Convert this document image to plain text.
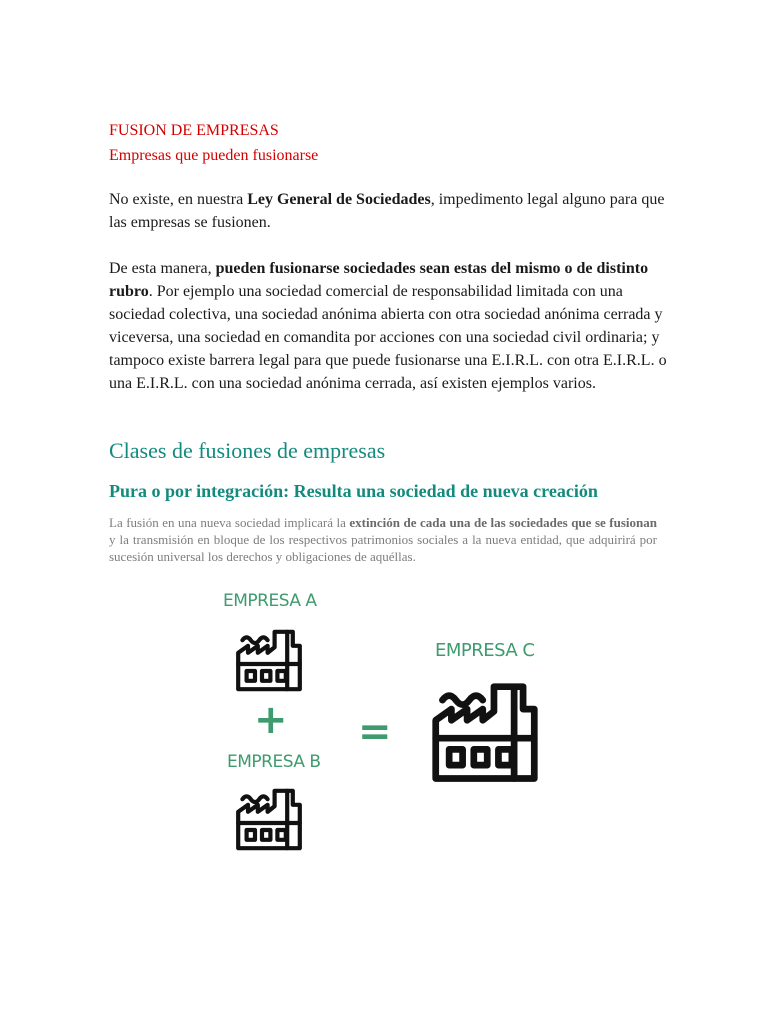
FUSION DE EMPRESAS
Empresas que pueden fusionarse
No existe, en nuestra Ley General de Sociedades, impedimento legal alguno para que las empresas se fusionen.
De esta manera, pueden fusionarse sociedades sean estas del mismo o de distinto rubro. Por ejemplo una sociedad comercial de responsabilidad limitada con una sociedad colectiva, una sociedad anónima abierta con otra sociedad anónima cerrada y viceversa, una sociedad en comandita por acciones con una sociedad civil ordinaria; y tampoco existe barrera legal para que puede fusionarse una E.I.R.L. con otra E.I.R.L. o una E.I.R.L. con una sociedad anónima cerrada, así existen ejemplos varios.
Clases de fusiones de empresas
Pura o por integración: Resulta una sociedad de nueva creación
La fusión en una nueva sociedad implicará la extinción de cada una de las sociedades que se fusionan y la transmisión en bloque de los respectivos patrimonios sociales a la nueva entidad, que adquirirá por sucesión universal los derechos y obligaciones de aquéllas.
EMPRESA A
+
EMPRESA B
=
EMPRESA C
